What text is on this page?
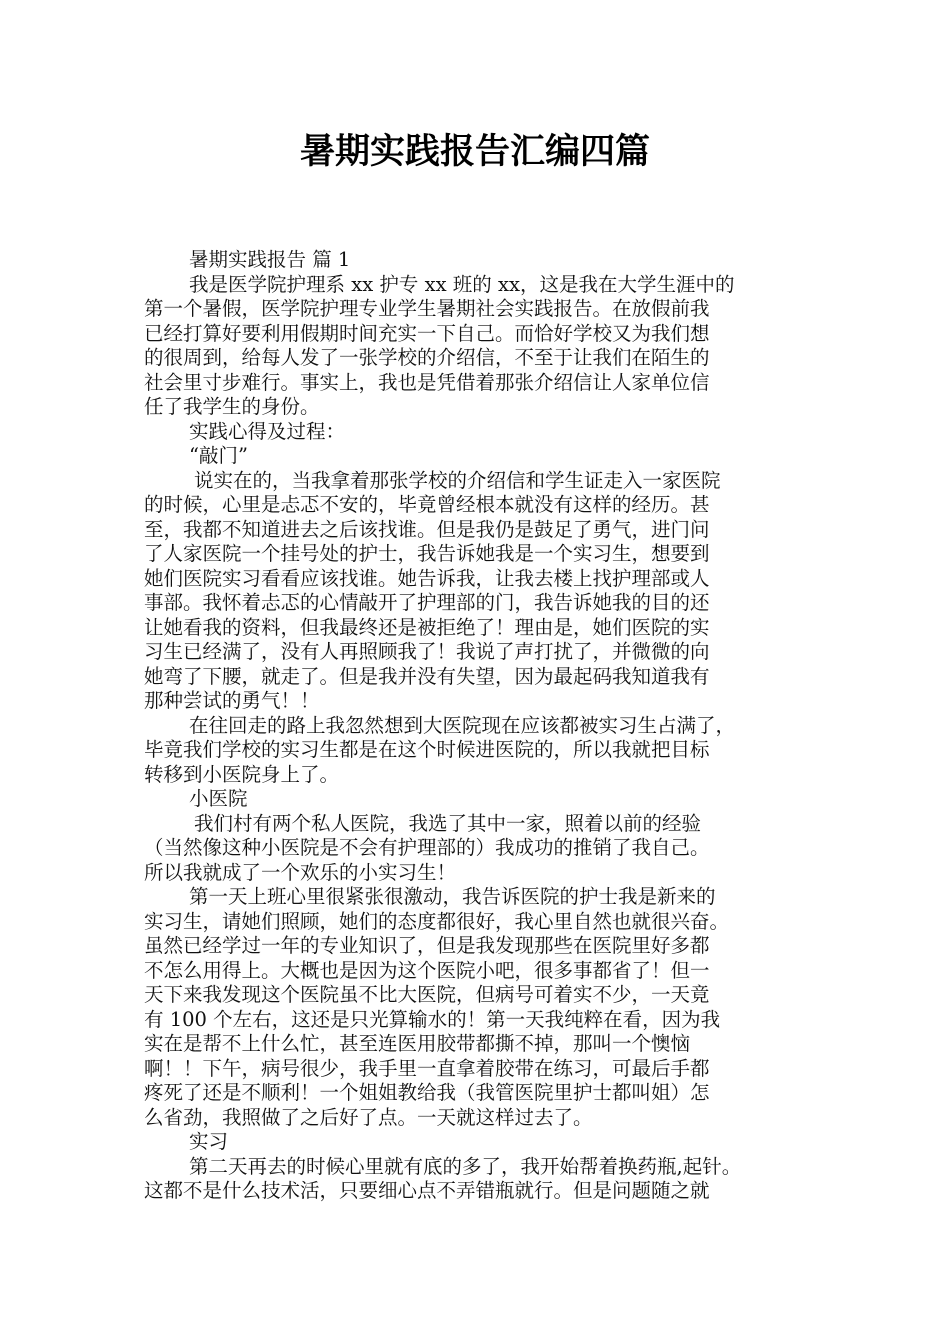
暑期实践报告汇编四篇
暑期实践报告 篇 1
我是医学院护理系 xx 护专 xx 班的 xx，这是我在大学生涯中的
第一个暑假，医学院护理专业学生暑期社会实践报告。在放假前我
已经打算好要利用假期时间充实一下自己。而恰好学校又为我们想
的很周到，给每人发了一张学校的介绍信，不至于让我们在陌生的
社会里寸步难行。事实上，我也是凭借着那张介绍信让人家单位信
任了我学生的身份。
实践心得及过程：
“敲门”
说实在的，当我拿着那张学校的介绍信和学生证走入一家医院
的时候，心里是忐忑不安的，毕竟曾经根本就没有这样的经历。甚
至，我都不知道进去之后该找谁。但是我仍是鼓足了勇气，进门问
了人家医院一个挂号处的护士，我告诉她我是一个实习生，想要到
她们医院实习看看应该找谁。她告诉我，让我去楼上找护理部或人
事部。我怀着忐忑的心情敲开了护理部的门，我告诉她我的目的还
让她看我的资料，但我最终还是被拒绝了！理由是，她们医院的实
习生已经满了，没有人再照顾我了！我说了声打扰了，并微微的向
她弯了下腰，就走了。但是我并没有失望，因为最起码我知道我有
那种尝试的勇气！！
在往回走的路上我忽然想到大医院现在应该都被实习生占满了，
毕竟我们学校的实习生都是在这个时候进医院的，所以我就把目标
转移到小医院身上了。
小医院
我们村有两个私人医院，我选了其中一家，照着以前的经验
（当然像这种小医院是不会有护理部的）我成功的推销了我自己。
所以我就成了一个欢乐的小实习生！
第一天上班心里很紧张很激动，我告诉医院的护士我是新来的
实习生，请她们照顾，她们的态度都很好，我心里自然也就很兴奋。
虽然已经学过一年的专业知识了，但是我发现那些在医院里好多都
不怎么用得上。大概也是因为这个医院小吧，很多事都省了！但一
天下来我发现这个医院虽不比大医院，但病号可着实不少，一天竟
有 100 个左右，这还是只光算输水的！第一天我纯粹在看，因为我
实在是帮不上什么忙，甚至连医用胶带都撕不掉，那叫一个懊恼
啊！！下午，病号很少，我手里一直拿着胶带在练习，可最后手都
疼死了还是不顺利！一个姐姐教给我（我管医院里护士都叫姐）怎
么省劲，我照做了之后好了点。一天就这样过去了。
实习
第二天再去的时候心里就有底的多了，我开始帮着换药瓶,起针。
这都不是什么技术活，只要细心点不弄错瓶就行。但是问题随之就
